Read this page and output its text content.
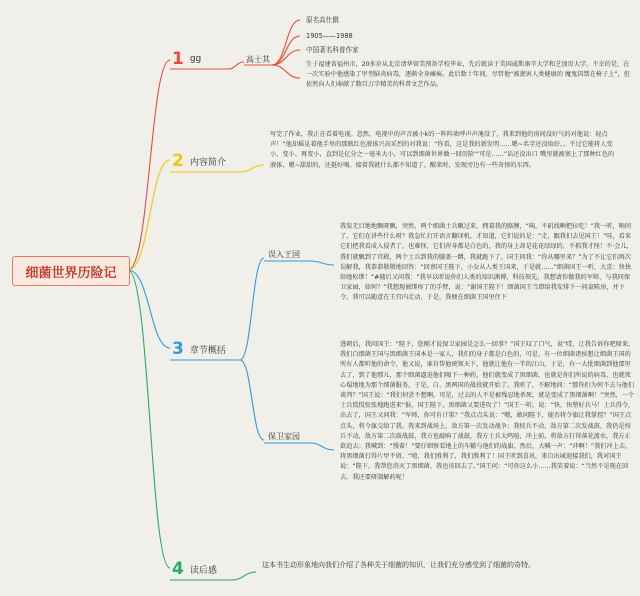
细菌世界历险记
1 gg	高士其
原名高仕錤
1905——1988
中国著名科普作家

生于福建省福州市，20多岁从北京清华留美预备学校毕业，先后就读于美国威斯康辛大学和芝加哥大学，不幸的是，在一次实验中他感染了甲型脑炎病毒，逐渐全身瘫痪。此后数十年间，尽管他“被摁害人类健康的 魔鬼囚禁在椅子上”，但依然向人们奉献了数百万字精美的科普文艺作品。

2 内容简介

写完了作业，我正在看着电视。忽然，电视中的声音被小k的一阵阵欢呼声声淹没了。我来到他的房间没好气的对他说：轻点声！“他却摇晃着他手里的那瓶红色液体兴高采烈的对我说：“你看，这是我的新发明……嗯~名字还没取好，。不过它能将人变小、变小、再变小，直到是亿分之一毫米大小，可以到细菌世界做一回历险'“可是……”话还没出口 嘴里就被塞上了那种红色的液体，嗯~甜甜的，还挺好喝。接着我就什么都不知道了。醒来时，发现旁边有一些奇怪的东西。

3 章节概括
误入王国

我渠无目地地飘呀飘，突然，两个细菌士兵飘过来，拽着我的胳膊，“咦，不矶找啊把拉吃！”我一听，呐问了，它们在讲些什么呀？我急忙打开语言翻译机，才知道，它们说的是：“走，跟我们去见国王！”哇，看来它们把我看成入侵者了。也难怪，它们浑身都是白色的，我的身上却是花花绿绿的，不抓我才怪！不·会儿，我们就飘到了宫殿，两个士兵到我的膝盖一蹲，我就跪下了，国王问我：“你从哪里来？”为了不让它们再次误解我，我恭恭敬敬地回答：“回禀国王陛下，小女从人类王国来，于是就……”细菌国王一听，大喜：快快给她松绑！”#随后又问我：“我早以听说你们人类的知识渊博，科技领先，我想请你做我的军师，与我同保卫家园，如何？”我想现被绑疼了的手臂，说：“谢国王陛下！细菌国王当即给我安排下一问豪陈房，并下令，我可以随意在王宫内走动，于是，我便在细菌王国里住下

保卫家园

逃朝后，我问国王：“陛下，您刚才说保卫家园是怎么一回事？”国王叹了口气，说“哎，让我告诉你吧原来，我们白细菌王国与黑细菌王国本是一家人，我们的身子都是白色的，可是，有一位细菌诸侯想让细菌王国的所有人都听他的命令，他又说，谁肯帮他统领天下，他就让他有一半的江山，于是，有一大批细菌到他那里去了，到了他那儿，那个细菌逼迫他们喝下一种药，他们就变成了黑细菌，也就是你们所说的病毒，也就死心塌地地为那个细菌服务，于是，白、黑两国的战役就开始了。我听了，不解地问：“那你们为何不去与他们谈判？”国王说：“我们何尝不想啊，可是，过去的人不是被残忍地杀死，就是变成了黑细菌啊！”突然，一个士兵慌慌张张地跑进来“报，国王陛下，黑细菌又要进攻了！”国王一听，说：“快，快整好兵马！士兵得令，出去了，国王又问我：“军师，你可有计策？”我点点头说：“嗯，敢问陛下，能否将令旗让我掌控？”国王点点头，将令旗交给了我。我来到战场上，敌方第一次发动战争；我按兵不动，敌方第二次发战鼓，我仍是按兵不动，敌方第二次鼓战鼓，我方也敲响了战鼓，我方士兵大鸣喧，冲上前，将敌方打得落花流水，我方正欲追去；我喊到：“慢着！”要仔细察看地上的车辙与他们的战旗，然后，大喊一声：“冲啊！”我们冲上去，将黑细菌打得片甲不留，“嘻，我们胜利了，我们胜利了！国王听到喜讯，来自出城迎接我们，我对国王说：“陛下，我帮您消灭了黑细菌，我也该回去了。”国王问：“可你这么小……我笑着说：“当然不是现在回去，我还要研制解药呢！

4 读后感

这本书生动形象地向我们介绍了各种关于细菌的知识，让我们充分感受到了细菌的奇特。
